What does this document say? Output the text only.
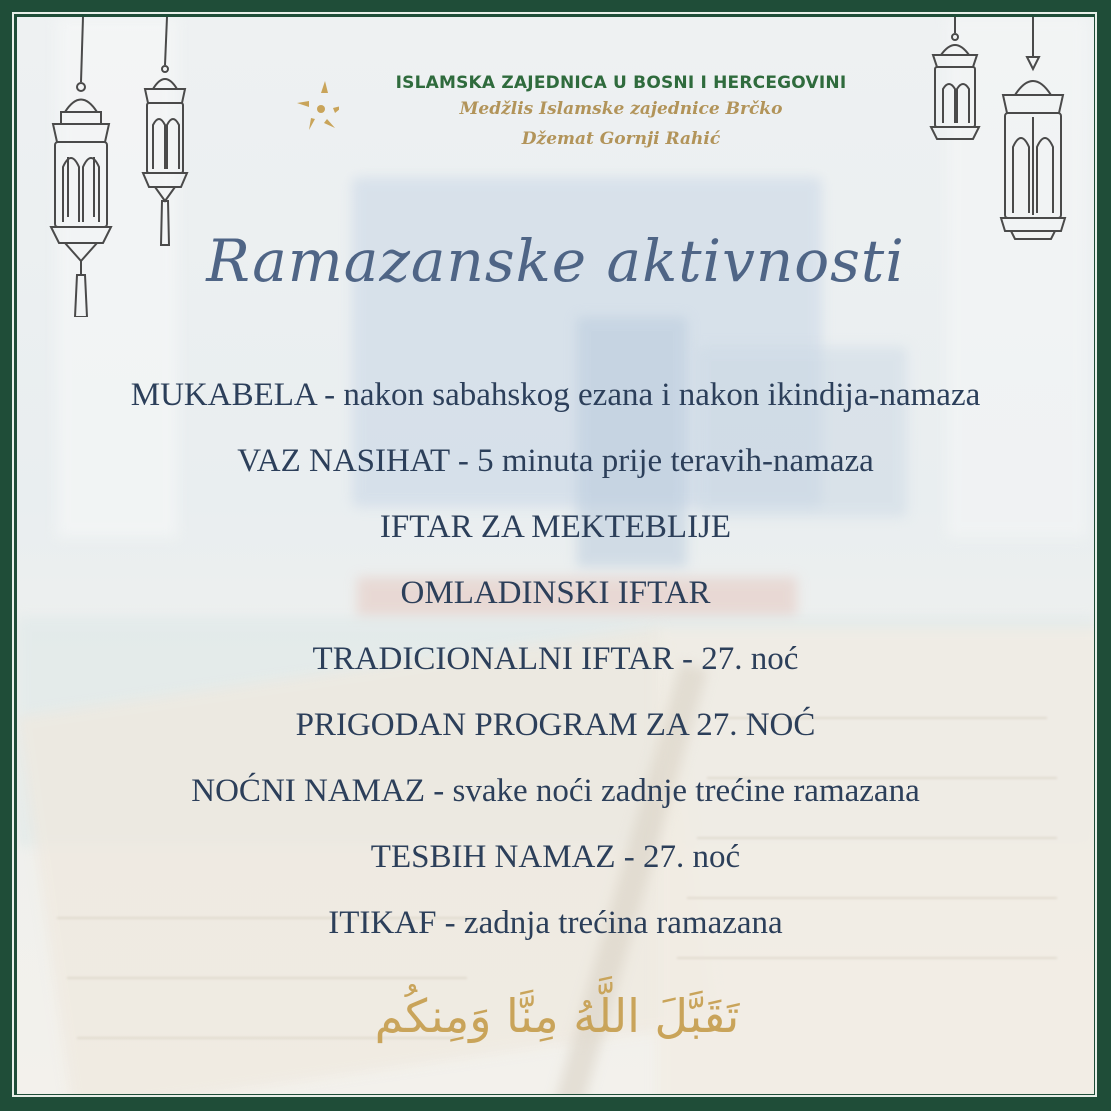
ISLAMSKA ZAJEDNICA U BOSNI I HERCEGOVINI
Medžlis Islamske zajednice Brčko
Džemat Gornji Rahić
Ramazanske aktivnosti
MUKABELA - nakon sabahskog ezana i nakon ikindija-namaza
VAZ NASIHAT - 5 minuta prije teravih-namaza
IFTAR ZA MEKTEBLIJE
OMLADINSKI IFTAR
TRADICIONALNI IFTAR - 27. noć
PRIGODAN PROGRAM ZA 27. NOĆ
NOĆNI NAMAZ - svake noći zadnje trećine ramazana
TESBIH NAMAZ - 27. noć
ITIKAF - zadnja trećina ramazana
تَقَبَّلَ اللَّهُ مِنَّا وَمِنكُم
